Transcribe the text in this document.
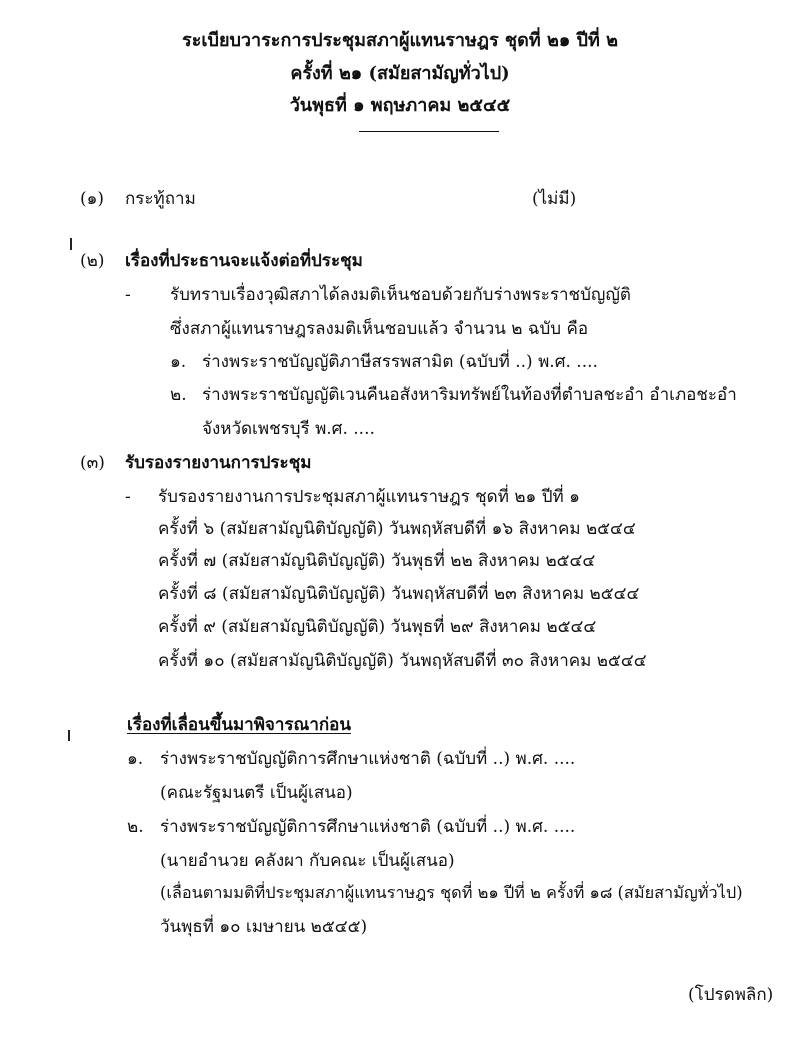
ระเบียบวาระการประชุมสภาผู้แทนราษฎร ชุดที่ ๒๑ ปีที่ ๒
ครั้งที่ ๒๑ (สมัยสามัญทั่วไป)
วันพุธที่ ๑ พฤษภาคม ๒๕๔๕
(๑) กระทู้ถาม	(ไม่มี)
(๒) เรื่องที่ประธานจะแจ้งต่อที่ประชุม
- รับทราบเรื่องวุฒิสภาได้ลงมติเห็นชอบด้วยกับร่างพระราชบัญญัติ
ซึ่งสภาผู้แทนราษฎรลงมติเห็นชอบแล้ว จำนวน ๒ ฉบับ คือ
๑. ร่างพระราชบัญญัติภาษีสรรพสามิต (ฉบับที่ ..) พ.ศ. ....
๒. ร่างพระราชบัญญัติเวนคืนอสังหาริมทรัพย์ในท้องที่ตำบลชะอำ อำเภอชะอำ
จังหวัดเพชรบุรี พ.ศ. ....
(๓) รับรองรายงานการประชุม
- รับรองรายงานการประชุมสภาผู้แทนราษฎร ชุดที่ ๒๑ ปีที่ ๑
ครั้งที่ ๖ (สมัยสามัญนิติบัญญัติ) วันพฤหัสบดีที่ ๑๖ สิงหาคม ๒๕๔๔
ครั้งที่ ๗ (สมัยสามัญนิติบัญญัติ) วันพุธที่ ๒๒ สิงหาคม ๒๕๔๔
ครั้งที่ ๘ (สมัยสามัญนิติบัญญัติ) วันพฤหัสบดีที่ ๒๓ สิงหาคม ๒๕๔๔
ครั้งที่ ๙ (สมัยสามัญนิติบัญญัติ) วันพุธที่ ๒๙ สิงหาคม ๒๕๔๔
ครั้งที่ ๑๐ (สมัยสามัญนิติบัญญัติ) วันพฤหัสบดีที่ ๓๐ สิงหาคม ๒๕๔๔
เรื่องที่เลื่อนขึ้นมาพิจารณาก่อน
๑. ร่างพระราชบัญญัติการศึกษาแห่งชาติ (ฉบับที่ ..) พ.ศ. ....
(คณะรัฐมนตรี เป็นผู้เสนอ)
๒. ร่างพระราชบัญญัติการศึกษาแห่งชาติ (ฉบับที่ ..) พ.ศ. ....
(นายอำนวย คลังผา กับคณะ เป็นผู้เสนอ)
(เลื่อนตามมติที่ประชุมสภาผู้แทนราษฎร ชุดที่ ๒๑ ปีที่ ๒ ครั้งที่ ๑๘ (สมัยสามัญทั่วไป)
วันพุธที่ ๑๐ เมษายน ๒๕๔๕)
(โปรดพลิก)
